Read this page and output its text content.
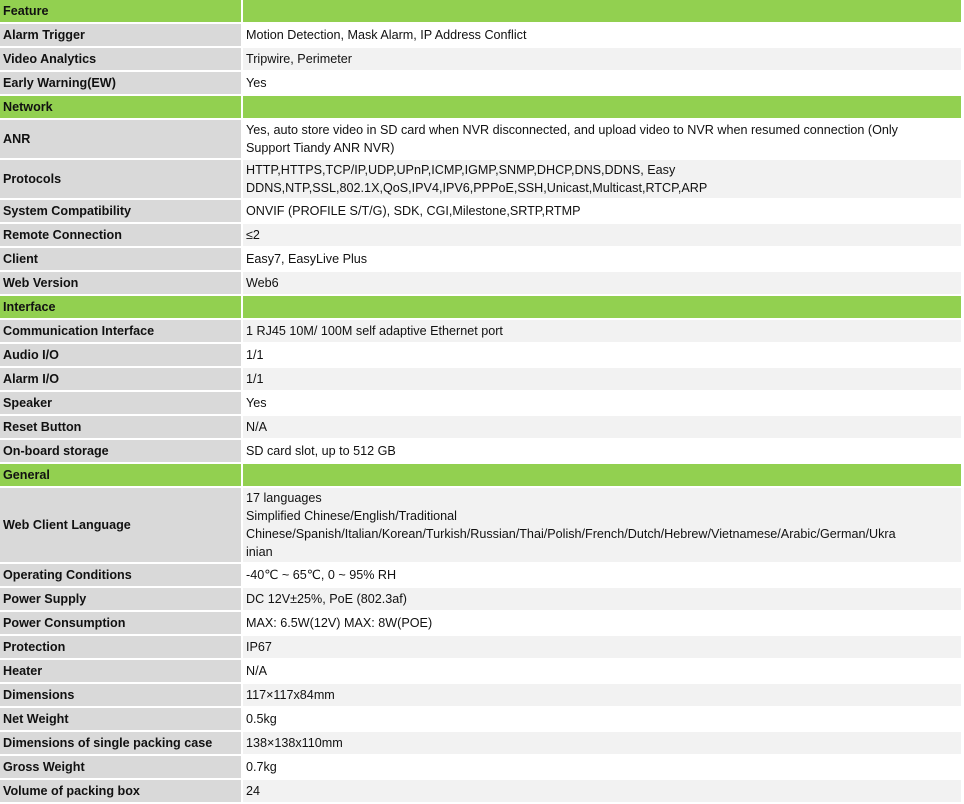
Feature	
Alarm Trigger	Motion Detection, Mask Alarm, IP Address Conflict
Video Analytics	Tripwire, Perimeter
Early Warning(EW)	Yes
Network	
ANR	Yes, auto store video in SD card when NVR disconnected, and upload video to NVR when resumed connection (Only
Support Tiandy ANR NVR)

Protocols	HTTP,HTTPS,TCP/IP,UDP,UPnP,ICMP,IGMP,SNMP,DHCP,DNS,DDNS, Easy
DDNS,NTP,SSL,802.1X,QoS,IPV4,IPV6,PPPoE,SSH,Unicast,Multicast,RTCP,ARP

System Compatibility	ONVIF (PROFILE S/T/G), SDK, CGI,Milestone,SRTP,RTMP
Remote Connection	≤2
Client	Easy7, EasyLive Plus
Web Version	Web6
Interface	
Communication Interface	1 RJ45 10M/ 100M self adaptive Ethernet port
Audio I/O	1/1
Alarm I/O	1/1
Speaker	Yes
Reset Button	N/A
On-board storage	SD card slot, up to 512 GB
General	
Web Client Language	17 languages
Simplified Chinese/English/Traditional
Chinese/Spanish/Italian/Korean/Turkish/Russian/Thai/Polish/French/Dutch/Hebrew/Vietnamese/Arabic/German/Ukra
inian

Operating Conditions	-40℃ ~ 65℃, 0 ~ 95% RH
Power Supply	DC 12V±25%, PoE (802.3af)
Power Consumption	MAX: 6.5W(12V) MAX: 8W(POE)
Protection	IP67
Heater	N/A
Dimensions	117×117x84mm
Net Weight	0.5kg
Dimensions of single packing case	138×138x110mm
Gross Weight	0.7kg
Volume of packing box	24
